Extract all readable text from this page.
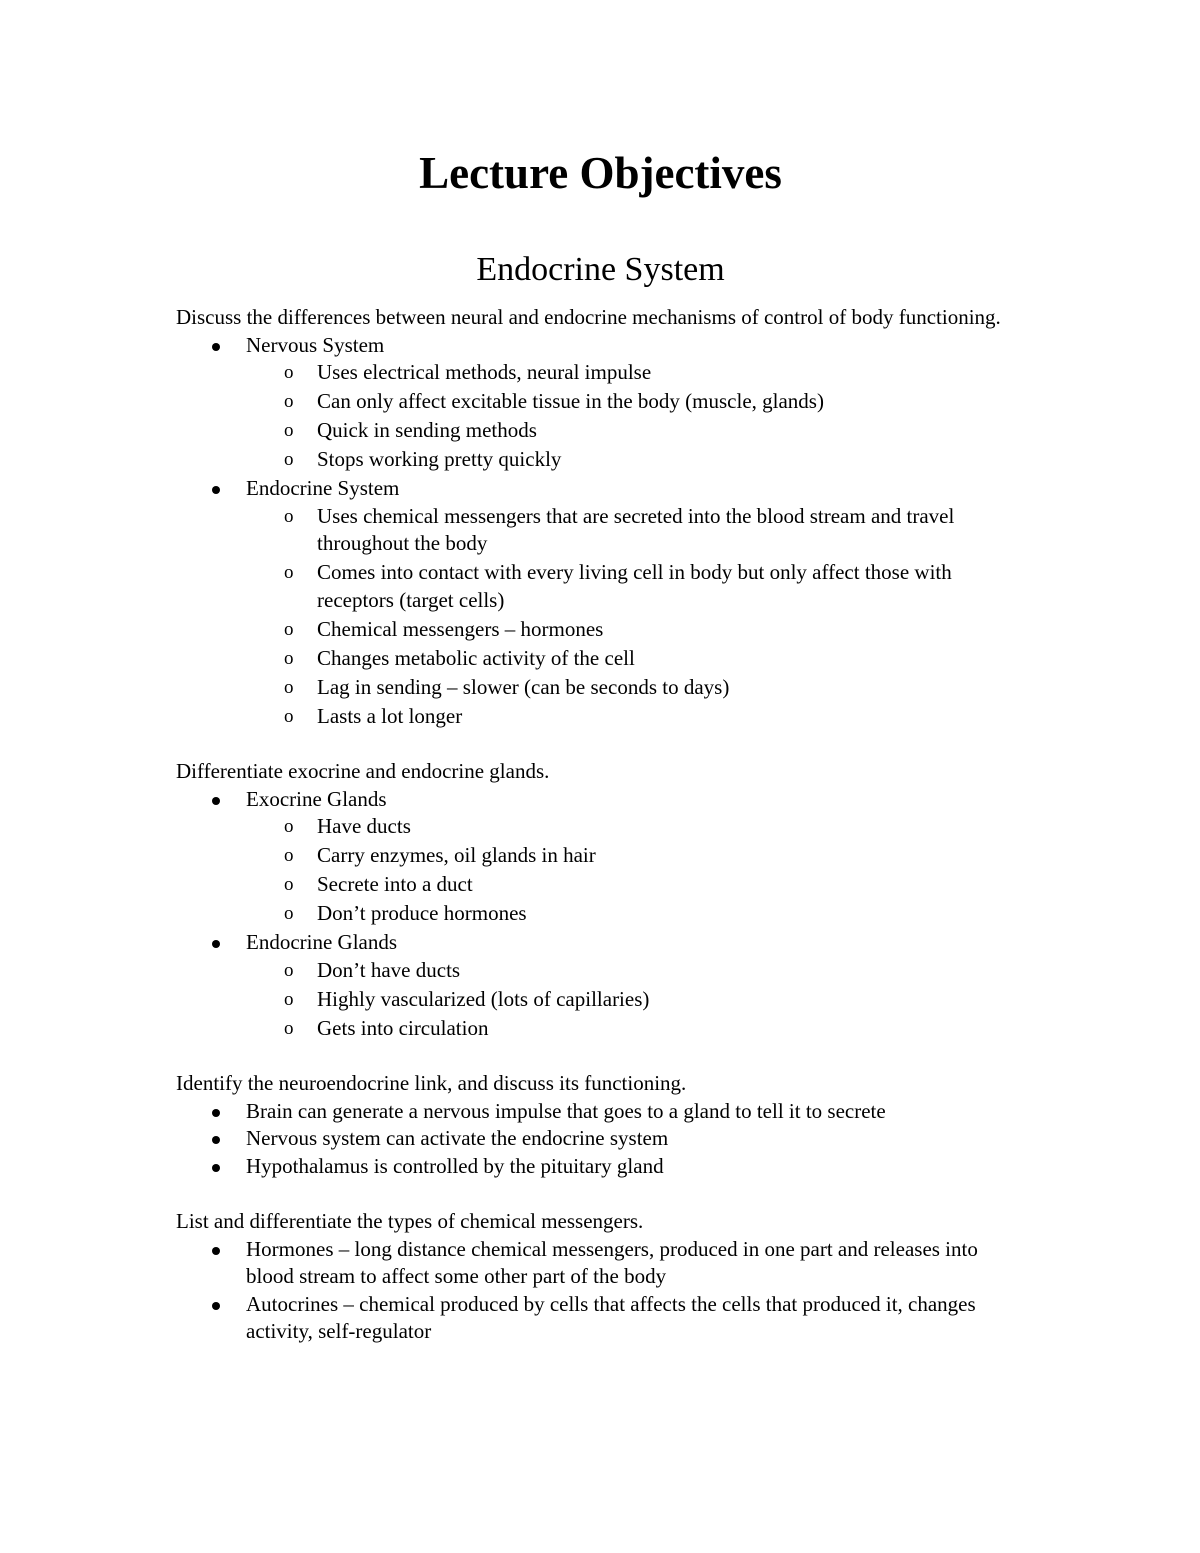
Lecture Objectives
Endocrine System

Discuss the differences between neural and endocrine mechanisms of control of body functioning.

Nervous System
o Uses electrical methods, neural impulse
o Can only affect excitable tissue in the body (muscle, glands)
o Quick in sending methods
o Stops working pretty quickly
Endocrine System
o Uses chemical messengers that are secreted into the blood stream and travel throughout the body
o Comes into contact with every living cell in body but only affect those with receptors (target cells)
o Chemical messengers – hormones
o Changes metabolic activity of the cell
o Lag in sending – slower (can be seconds to days)
o Lasts a lot longer

Differentiate exocrine and endocrine glands.

Exocrine Glands
o Have ducts
o Carry enzymes, oil glands in hair
o Secrete into a duct
o Don’t produce hormones
Endocrine Glands
o Don’t have ducts
o Highly vascularized (lots of capillaries)
o Gets into circulation

Identify the neuroendocrine link, and discuss its functioning.

Brain can generate a nervous impulse that goes to a gland to tell it to secrete
Nervous system can activate the endocrine system
Hypothalamus is controlled by the pituitary gland

List and differentiate the types of chemical messengers.

Hormones – long distance chemical messengers, produced in one part and releases into blood stream to affect some other part of the body
Autocrines – chemical produced by cells that affects the cells that produced it, changes activity, self-regulator
